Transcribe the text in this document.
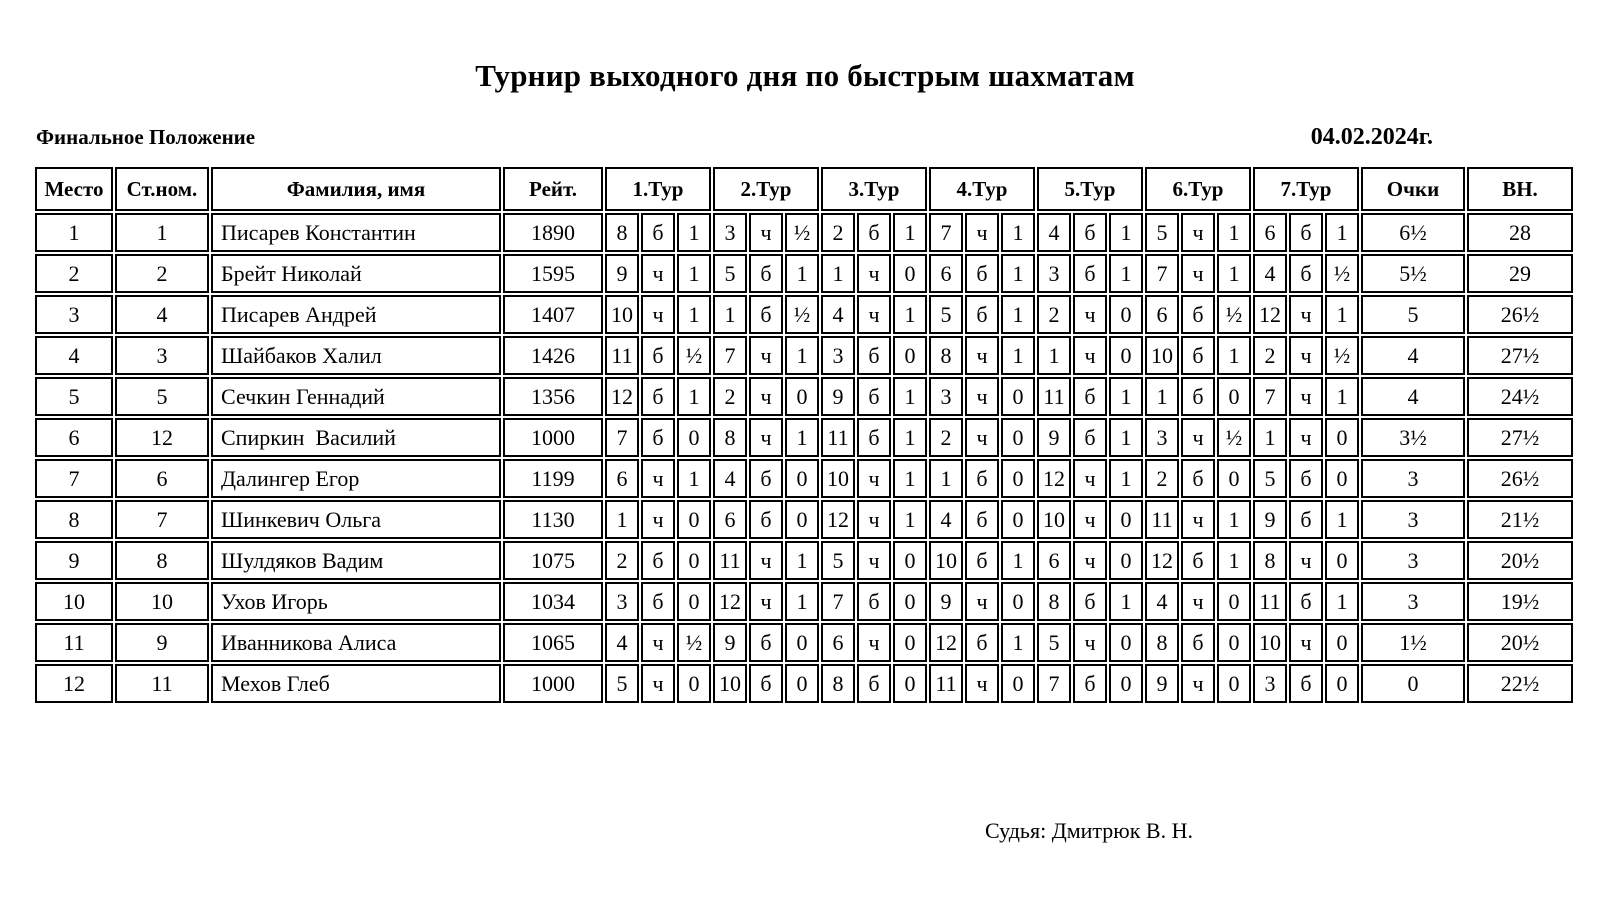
Турнир выходного дня по быстрым шахматам
Финальное Положение	04.02.2024г.
Место	Ст.ном.	Фамилия, имя	Рейт.	1.Тур			2.Тур			3.Тур			4.Тур			5.Тур			6.Тур			7.Тур			Очки	ВН.
1	1	Писарев Константин	1890	8	б	1	3	ч	½	2	б	1	7	ч	1	4	б	1	5	ч	1	6	б	1	6½	28
2	2	Брейт Николай	1595	9	ч	1	5	б	1	1	ч	0	6	б	1	3	б	1	7	ч	1	4	б	½	5½	29
3	4	Писарев Андрей	1407	10	ч	1	1	б	½	4	ч	1	5	б	1	2	ч	0	6	б	½	12	ч	1	5	26½
4	3	Шайбаков Халил	1426	11	б	½	7	ч	1	3	б	0	8	ч	1	1	ч	0	10	б	1	2	ч	½	4	27½
5	5	Сечкин Геннадий	1356	12	б	1	2	ч	0	9	б	1	3	ч	0	11	б	1	1	б	0	7	ч	1	4	24½
6	12	Спиркин  Василий	1000	7	б	0	8	ч	1	11	б	1	2	ч	0	9	б	1	3	ч	½	1	ч	0	3½	27½
7	6	Далингер Егор	1199	6	ч	1	4	б	0	10	ч	1	1	б	0	12	ч	1	2	б	0	5	б	0	3	26½
8	7	Шинкевич Ольга	1130	1	ч	0	6	б	0	12	ч	1	4	б	0	10	ч	0	11	ч	1	9	б	1	3	21½
9	8	Шулдяков Вадим	1075	2	б	0	11	ч	1	5	ч	0	10	б	1	6	ч	0	12	б	1	8	ч	0	3	20½
10	10	Ухов Игорь	1034	3	б	0	12	ч	1	7	б	0	9	ч	0	8	б	1	4	ч	0	11	б	1	3	19½
11	9	Иванникова Алиса	1065	4	ч	½	9	б	0	6	ч	0	12	б	1	5	ч	0	8	б	0	10	ч	0	1½	20½
12	11	Мехов Глеб	1000	5	ч	0	10	б	0	8	б	0	11	ч	0	7	б	0	9	ч	0	3	б	0	0	22½
Судья: Дмитрюк В. Н.
